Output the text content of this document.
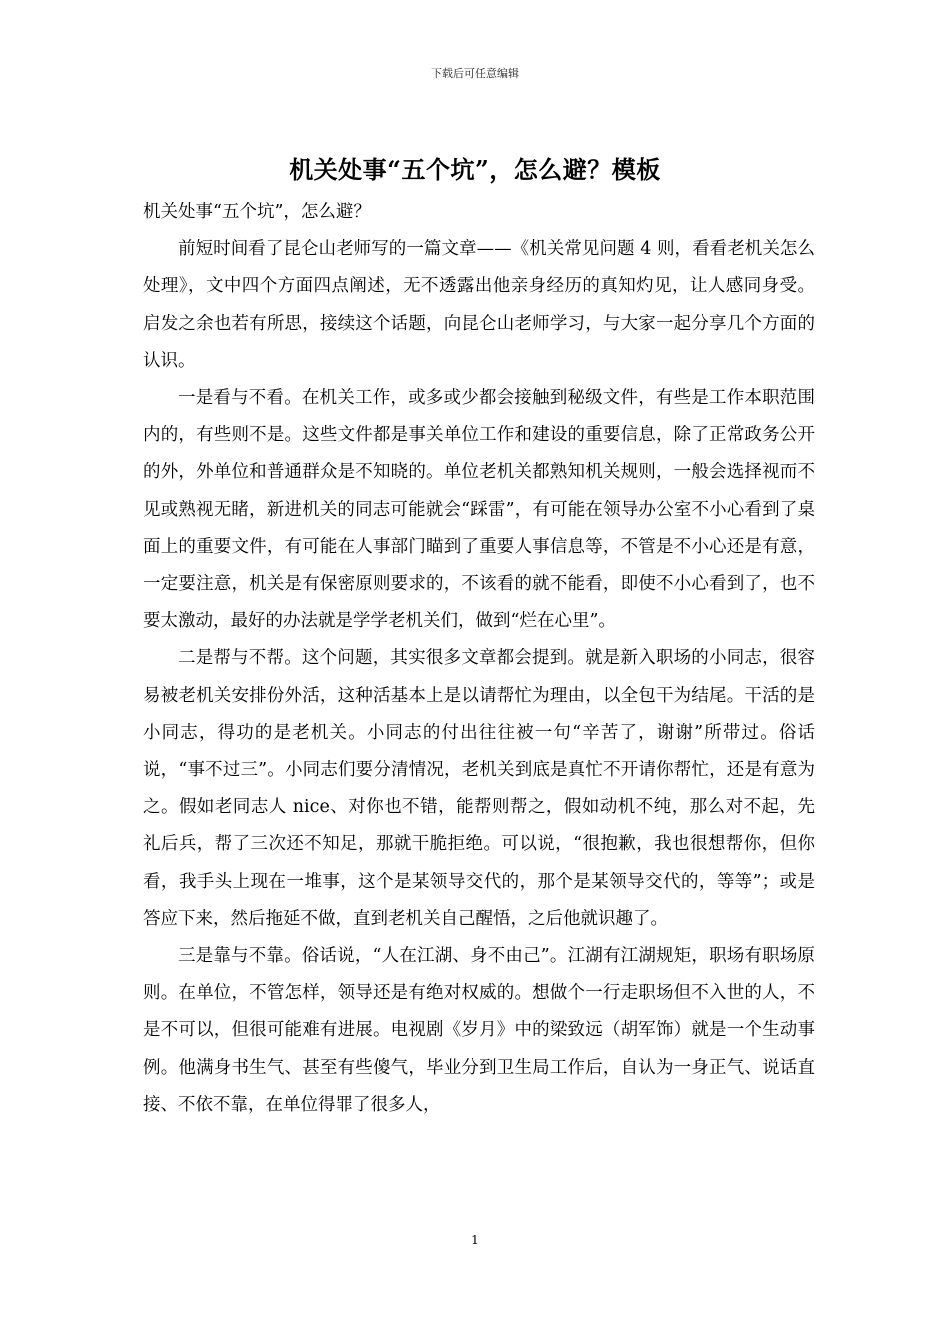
下载后可任意编辑
机关处事“五个坑”，怎么避？模板

机关处事“五个坑”，怎么避？

前短时间看了昆仑山老师写的一篇文章——《机关常见问题 4 则，看看老机关怎么处理》，文中四个方面四点阐述，无不透露出他亲身经历的真知灼见，让人感同身受。启发之余也若有所思，接续这个话题，向昆仑山老师学习，与大家一起分享几个方面的认识。

一是看与不看。在机关工作，或多或少都会接触到秘级文件，有些是工作本职范围内的，有些则不是。这些文件都是事关单位工作和建设的重要信息，除了正常政务公开的外，外单位和普通群众是不知晓的。单位老机关都熟知机关规则，一般会选择视而不见或熟视无睹，新进机关的同志可能就会“踩雷”，有可能在领导办公室不小心看到了桌面上的重要文件，有可能在人事部门瞄到了重要人事信息等，不管是不小心还是有意，一定要注意，机关是有保密原则要求的，不该看的就不能看，即使不小心看到了，也不要太激动，最好的办法就是学学老机关们，做到“烂在心里”。

二是帮与不帮。这个问题，其实很多文章都会提到。就是新入职场的小同志，很容易被老机关安排份外活，这种活基本上是以请帮忙为理由，以全包干为结尾。干活的是小同志，得功的是老机关。小同志的付出往往被一句“辛苦了，谢谢”所带过。俗话说，“事不过三”。小同志们要分清情况，老机关到底是真忙不开请你帮忙，还是有意为之。假如老同志人 nice、对你也不错，能帮则帮之，假如动机不纯，那么对不起，先礼后兵，帮了三次还不知足，那就干脆拒绝。可以说，“很抱歉，我也很想帮你，但你看，我手头上现在一堆事，这个是某领导交代的，那个是某领导交代的，等等”；或是答应下来，然后拖延不做，直到老机关自己醒悟，之后他就识趣了。

三是靠与不靠。俗话说，“人在江湖、身不由己”。江湖有江湖规矩，职场有职场原则。在单位，不管怎样，领导还是有绝对权威的。想做个一行走职场但不入世的人，不是不可以，但很可能难有进展。电视剧《岁月》中的梁致远（胡军饰）就是一个生动事例。他满身书生气、甚至有些傻气，毕业分到卫生局工作后，自认为一身正气、说话直接、不依不靠，在单位得罪了很多人，

1
